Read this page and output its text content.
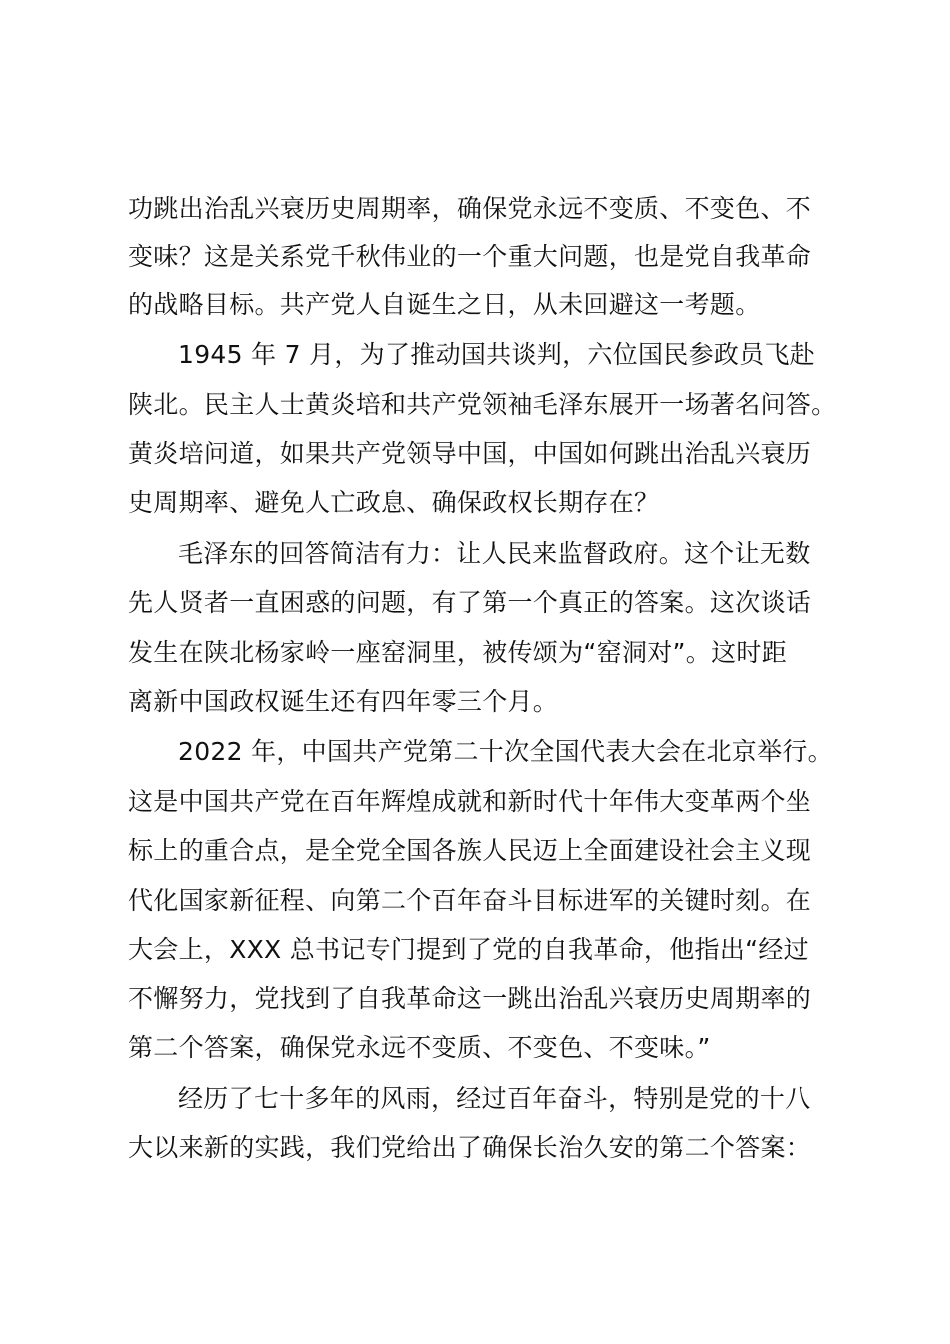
功跳出治乱兴衰历史周期率，确保党永远不变质、不变色、不
变味？这是关系党千秋伟业的一个重大问题，也是党自我革命
的战略目标。共产党人自诞生之日，从未回避这一考题。
1945 年 7 月，为了推动国共谈判，六位国民参政员飞赴
陕北。民主人士黄炎培和共产党领袖毛泽东展开一场著名问答。
黄炎培问道，如果共产党领导中国，中国如何跳出治乱兴衰历
史周期率、避免人亡政息、确保政权长期存在？
毛泽东的回答简洁有力：让人民来监督政府。这个让无数
先人贤者一直困惑的问题，有了第一个真正的答案。这次谈话
发生在陕北杨家岭一座窑洞里，被传颂为“窑洞对”。这时距
离新中国政权诞生还有四年零三个月。
2022 年，中国共产党第二十次全国代表大会在北京举行。
这是中国共产党在百年辉煌成就和新时代十年伟大变革两个坐
标上的重合点，是全党全国各族人民迈上全面建设社会主义现
代化国家新征程、向第二个百年奋斗目标进军的关键时刻。在
大会上，XXX 总书记专门提到了党的自我革命，他指出“经过
不懈努力，党找到了自我革命这一跳出治乱兴衰历史周期率的
第二个答案，确保党永远不变质、不变色、不变味。”
经历了七十多年的风雨，经过百年奋斗，特别是党的十八
大以来新的实践，我们党给出了确保长治久安的第二个答案：
